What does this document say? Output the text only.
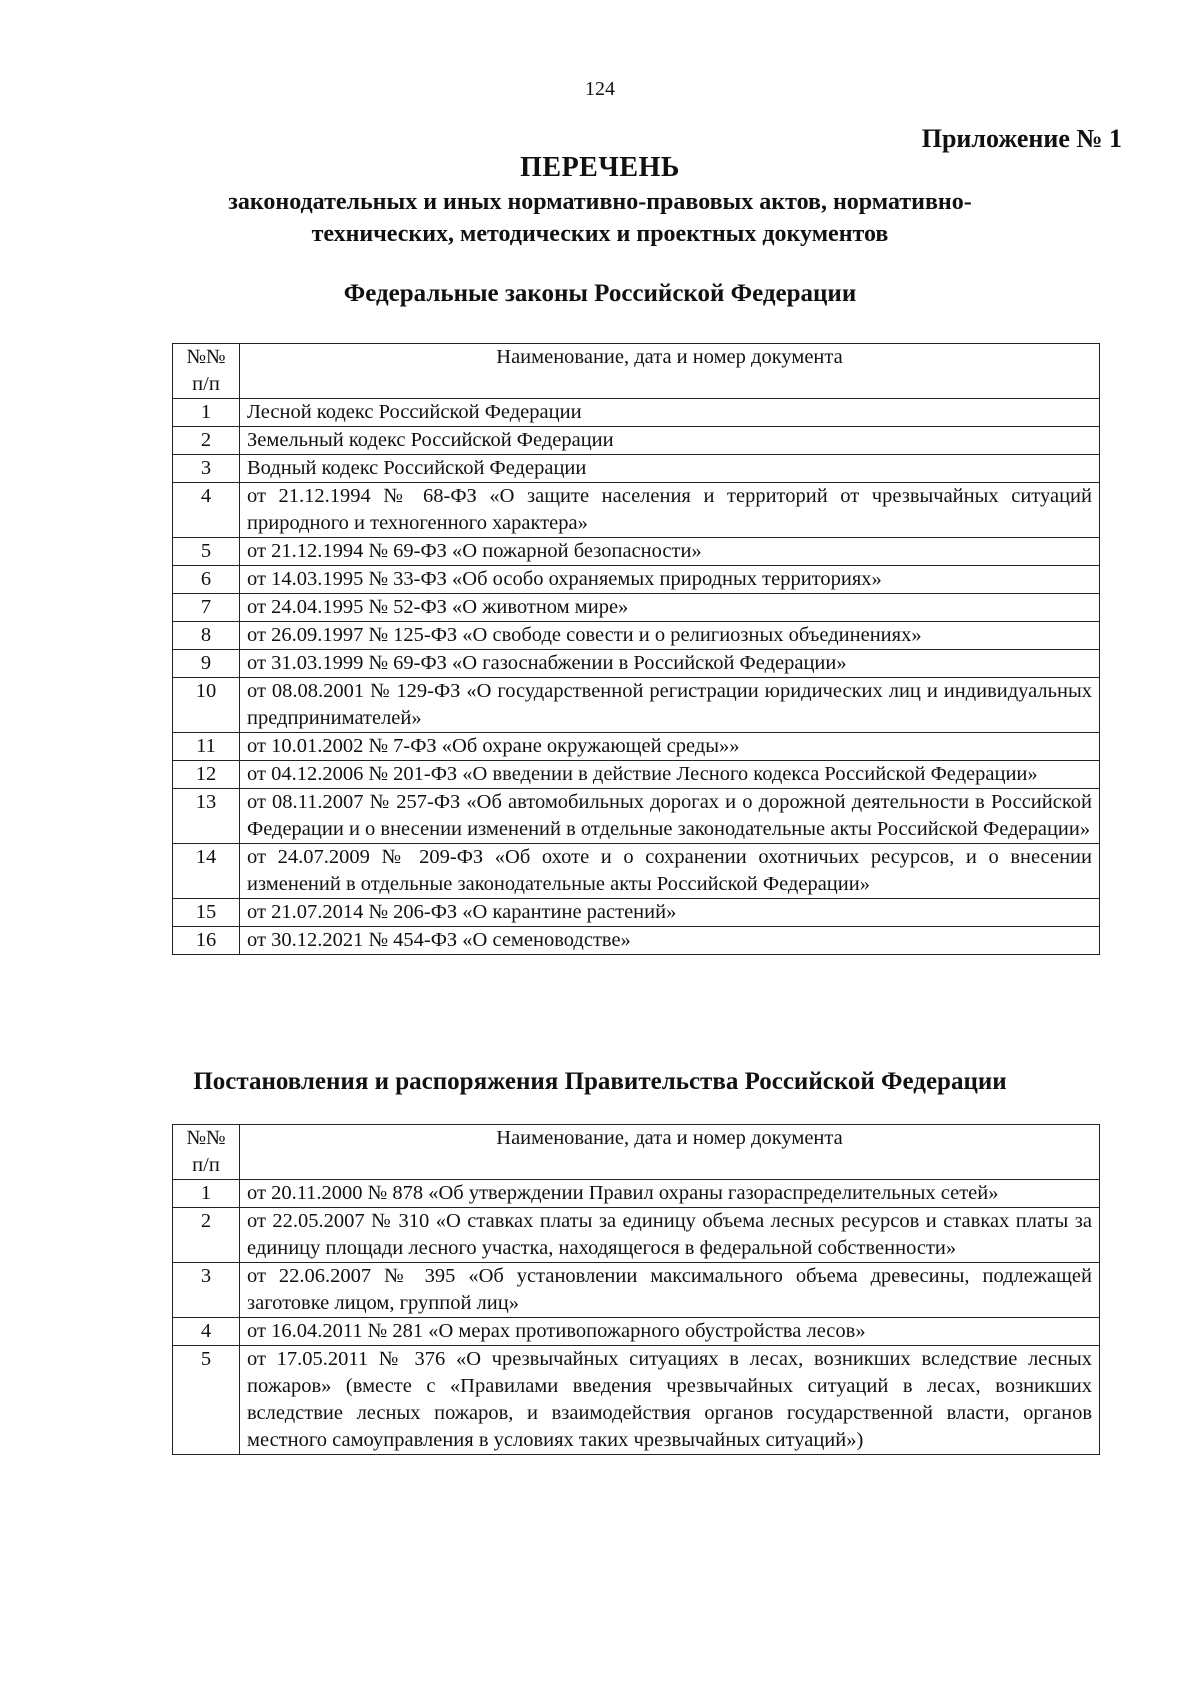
124
Приложение № 1
ПЕРЕЧЕНЬ
законодательных и иных нормативно-правовых актов, нормативно-
технических, методических и проектных документов
Федеральные законы Российской Федерации
№№
п/п	Наименование, дата и номер документа
1	Лесной кодекс Российской Федерации
2	Земельный кодекс Российской Федерации
3	Водный кодекс Российской Федерации
4	от 21.12.1994 № 68-ФЗ «О защите населения и территорий от чрезвычайных ситуаций природного и техногенного характера»
5	от 21.12.1994 № 69-ФЗ «О пожарной безопасности»
6	от 14.03.1995 № 33-ФЗ «Об особо охраняемых природных территориях»
7	от 24.04.1995 № 52-ФЗ «О животном мире»
8	от 26.09.1997 № 125-ФЗ «О свободе совести и о религиозных объединениях»
9	от 31.03.1999 № 69-ФЗ «О газоснабжении в Российской Федерации»
10	от 08.08.2001 № 129-ФЗ «О государственной регистрации юридических лиц и индивидуальных предпринимателей»
11	от 10.01.2002 № 7-ФЗ «Об охране окружающей среды»»
12	от 04.12.2006 № 201-ФЗ «О введении в действие Лесного кодекса Российской Федерации»
13	от 08.11.2007 № 257-ФЗ «Об автомобильных дорогах и о дорожной деятельности в Российской Федерации и о внесении изменений в отдельные законодательные акты Российской Федерации»
14	от 24.07.2009 № 209-ФЗ «Об охоте и о сохранении охотничьих ресурсов, и о внесении изменений в отдельные законодательные акты Российской Федерации»
15	от 21.07.2014 № 206-ФЗ «О карантине растений»
16	от 30.12.2021 № 454-ФЗ «О семеноводстве»
Постановления и распоряжения Правительства Российской Федерации
№№
п/п	Наименование, дата и номер документа
1	от 20.11.2000 № 878 «Об утверждении Правил охраны газораспределительных сетей»
2	от 22.05.2007 № 310 «О ставках платы за единицу объема лесных ресурсов и ставках платы за единицу площади лесного участка, находящегося в федеральной собственности»
3	от 22.06.2007 № 395 «Об установлении максимального объема древесины, подлежащей заготовке лицом, группой лиц»
4	от 16.04.2011 № 281 «О мерах противопожарного обустройства лесов»
5	от 17.05.2011 № 376 «О чрезвычайных ситуациях в лесах, возникших вследствие лесных пожаров» (вместе с «Правилами введения чрезвычайных ситуаций в лесах, возникших вследствие лесных пожаров, и взаимодействия органов государственной власти, органов местного самоуправления в условиях таких чрезвычайных ситуаций»)
